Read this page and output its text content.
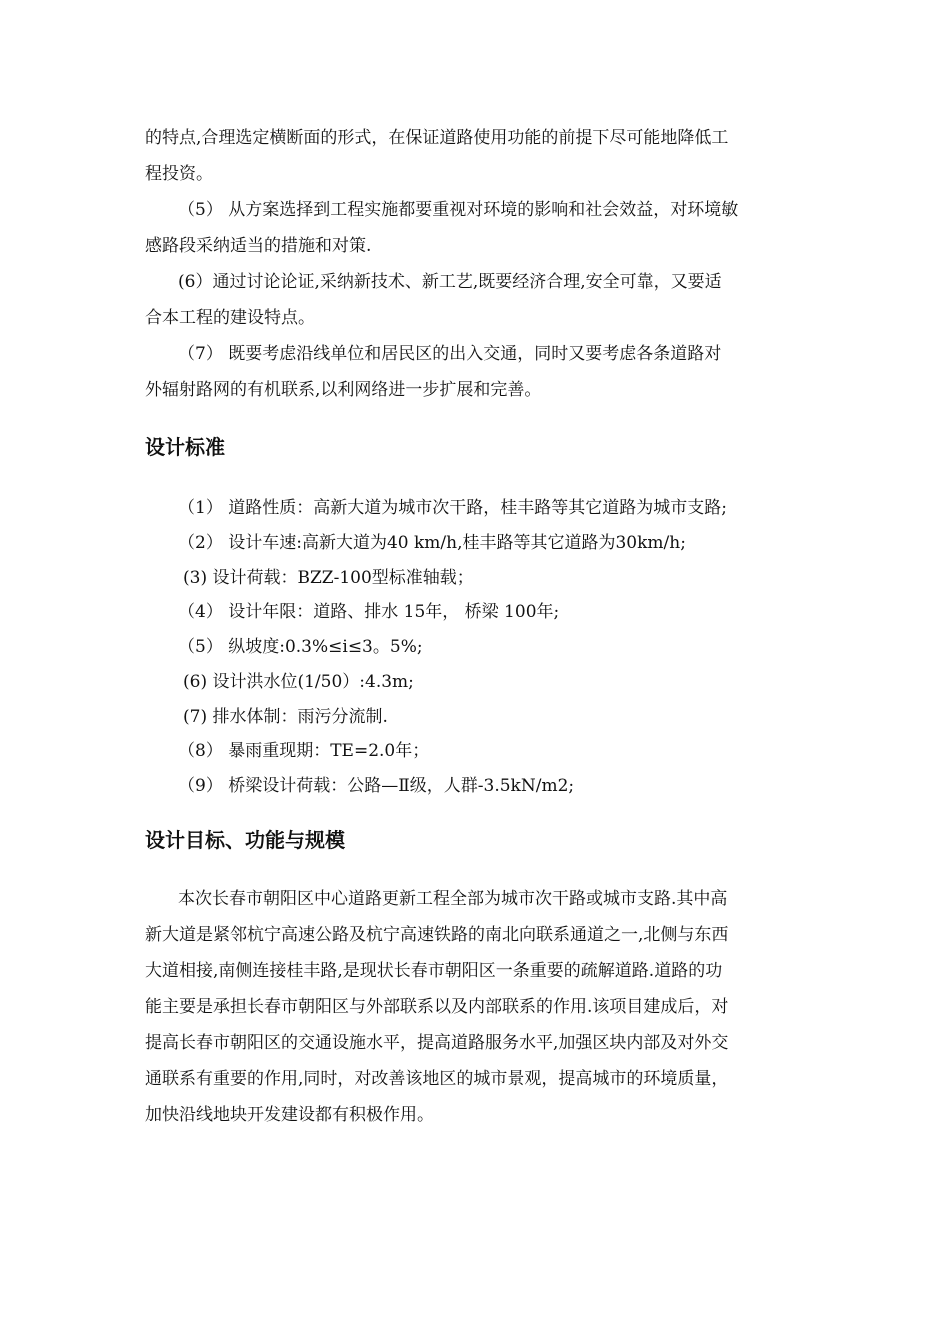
的特点,合理选定横断面的形式，在保证道路使用功能的前提下尽可能地降低工
程投资。
（5） 从方案选择到工程实施都要重视对环境的影响和社会效益，对环境敏
感路段采纳适当的措施和对策.
(6）通过讨论论证,采纳新技术、新工艺,既要经济合理,安全可靠，又要适
合本工程的建设特点。
（7） 既要考虑沿线单位和居民区的出入交通，同时又要考虑各条道路对
外辐射路网的有机联系,以利网络进一步扩展和完善。
设计标准
（1） 道路性质：高新大道为城市次干路，桂丰路等其它道路为城市支路;
（2） 设计车速:高新大道为40 km/h,桂丰路等其它道路为30km/h;
(3) 设计荷载：BZZ-100型标准轴载；
（4） 设计年限：道路、排水 15年， 桥梁 100年;
（5） 纵坡度:0.3%≤i≤3。5%;
(6) 设计洪水位(1/50）:4.3m;
(7) 排水体制：雨污分流制.
（8） 暴雨重现期：TE=2.0年；
（9） 桥梁设计荷载：公路—Ⅱ级，人群-3.5kN/m2;
设计目标、功能与规模
本次长春市朝阳区中心道路更新工程全部为城市次干路或城市支路.其中高
新大道是紧邻杭宁高速公路及杭宁高速铁路的南北向联系通道之一,北侧与东西
大道相接,南侧连接桂丰路,是现状长春市朝阳区一条重要的疏解道路.道路的功
能主要是承担长春市朝阳区与外部联系以及内部联系的作用.该项目建成后，对
提高长春市朝阳区的交通设施水平，提高道路服务水平,加强区块内部及对外交
通联系有重要的作用,同时，对改善该地区的城市景观，提高城市的环境质量，
加快沿线地块开发建设都有积极作用。
